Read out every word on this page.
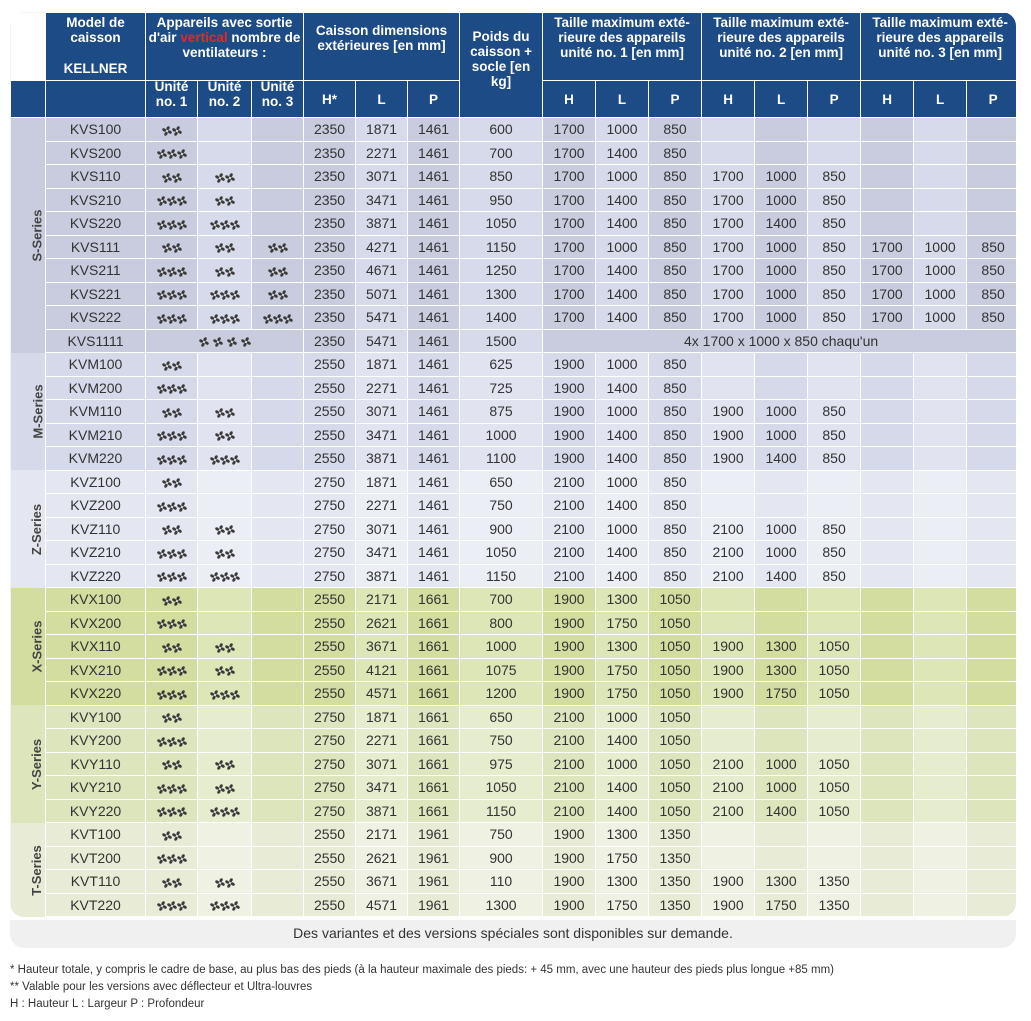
	Model de caisson	Appareils avec sortie d'air vertical nombre de ventilateurs :			Caisson dimensions extérieures [en mm]			Poids du caisson + socle [en kg]	Taille maximum exté-rieure des appareils unité no. 1 [en mm]			Taille maximum exté-rieure des appareils unité no. 2 [en mm]			Taille maximum exté-rieure des appareils unité no. 3 [en mm]		

	KELLNER	Unité no. 1	Unité no. 2	Unité no. 3	H*	L	P		H	L	P	H	L	P	H	L	P
S-Series	KVS100				2350	1871	1461	600	1700	1000	850						
	KVS200				2350	2271	1461	700	1700	1400	850						
	KVS110				2350	3071	1461	850	1700	1000	850	1700	1000	850			
	KVS210				2350	3471	1461	950	1700	1400	850	1700	1000	850			
	KVS220				2350	3871	1461	1050	1700	1400	850	1700	1400	850			
	KVS111				2350	4271	1461	1150	1700	1000	850	1700	1000	850	1700	1000	850
	KVS211				2350	4671	1461	1250	1700	1400	850	1700	1000	850	1700	1000	850
	KVS221				2350	5071	1461	1300	1700	1400	850	1700	1000	850	1700	1000	850
	KVS222				2350	5471	1461	1400	1700	1400	850	1700	1000	850	1700	1000	850
	KVS1111				2350	5471	1461	1500	4x 1700 x 1000 x 850 chaqu'un								
M-Series	KVM100				2550	1871	1461	625	1900	1000	850						
	KVM200				2550	2271	1461	725	1900	1400	850						
	KVM110				2550	3071	1461	875	1900	1000	850	1900	1000	850			
	KVM210				2550	3471	1461	1000	1900	1400	850	1900	1000	850			
	KVM220				2550	3871	1461	1100	1900	1400	850	1900	1400	850			
Z-Series	KVZ100				2750	1871	1461	650	2100	1000	850						
	KVZ200				2750	2271	1461	750	2100	1400	850						
	KVZ110				2750	3071	1461	900	2100	1000	850	2100	1000	850			
	KVZ210				2750	3471	1461	1050	2100	1400	850	2100	1000	850			
	KVZ220				2750	3871	1461	1150	2100	1400	850	2100	1400	850			
X-Series	KVX100				2550	2171	1661	700	1900	1300	1050						
	KVX200				2550	2621	1661	800	1900	1750	1050						
	KVX110				2550	3671	1661	1000	1900	1300	1050	1900	1300	1050			
	KVX210				2550	4121	1661	1075	1900	1750	1050	1900	1300	1050			
	KVX220				2550	4571	1661	1200	1900	1750	1050	1900	1750	1050			
Y-Series	KVY100				2750	1871	1661	650	2100	1000	1050						
	KVY200				2750	2271	1661	750	2100	1400	1050						
	KVY110				2750	3071	1661	975	2100	1000	1050	2100	1000	1050			
	KVY210				2750	3471	1661	1050	2100	1400	1050	2100	1000	1050			
	KVY220				2750	3871	1661	1150	2100	1400	1050	2100	1400	1050			
T-Series	KVT100				2550	2171	1961	750	1900	1300	1350						
	KVT200				2550	2621	1961	900	1900	1750	1350						
	KVT110				2550	3671	1961	110	1900	1300	1350	1900	1300	1350			
	KVT220				2550	4571	1961	1300	1900	1750	1350	1900	1750	1350			
Des variantes et des versions spéciales sont disponibles sur demande.
* Hauteur totale, y compris le cadre de base, au plus bas des pieds (à la hauteur maximale des pieds: + 45 mm, avec une hauteur des pieds plus longue +85 mm)
** Valable pour les versions avec déflecteur et Ultra-louvres
H : Hauteur L : Largeur P : Profondeur
